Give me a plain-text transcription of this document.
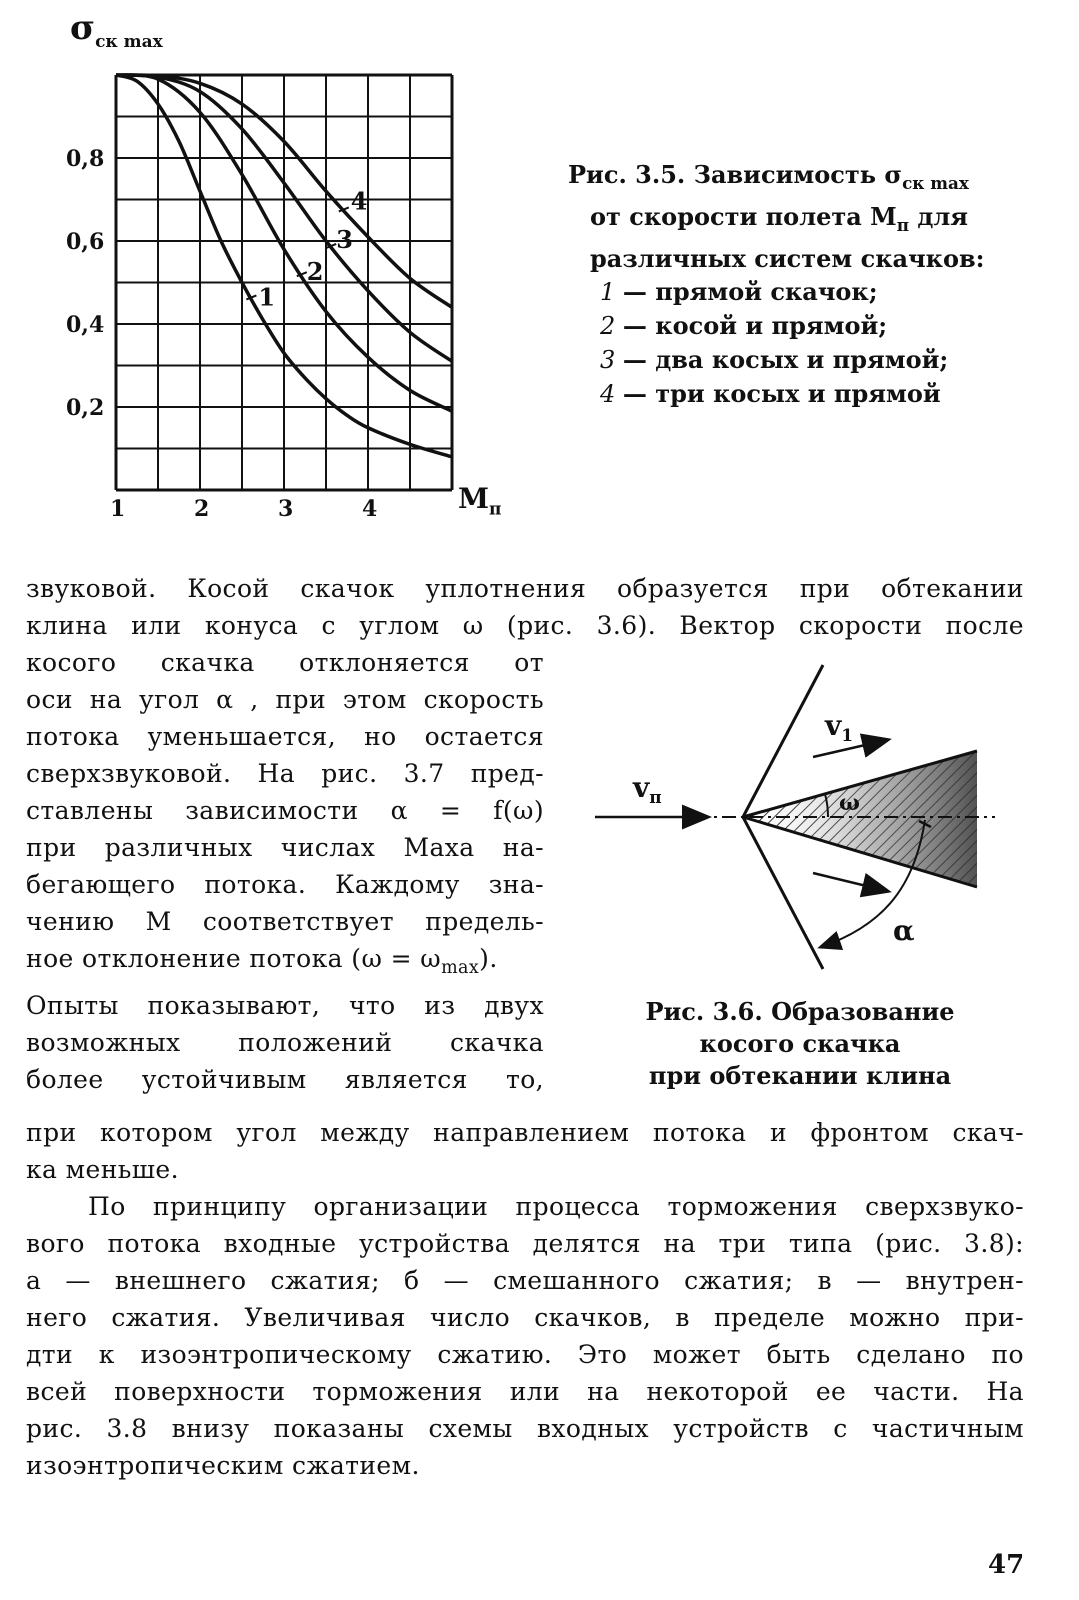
1
2
3
4
0,2
0,4
0,6
0,8
1	2	3	4
$\sigma_{ск max}$
$M_п$
Рис. 3.5. Зависимость $\sigma_{ск max}$
от скорости полета $M_п$ для
различных систем скачков:
1 — прямой скачок;
2 — косой и прямой;
3 — два косых и прямой;
4 — три косых и прямой
звуковой. Косой скачок уплотнения образуется при обтекании
клина или конуса с углом ω (рис. 3.6). Вектор скорости после
косого скачка отклоняется от
оси на угол α , при этом скорость
потока уменьшается, но остается
сверхзвуковой. На рис. 3.7 пред-
ставлены зависимости α = f(ω)
при различных числах Маха на-
бегающего потока. Каждому зна-
чению М соответствует предель-
ное отклонение потока $(\omega = \omega_{max})$.
Опыты показывают, что из двух
возможных положений скачка
более устойчивым является то,
при котором угол между направлением потока и фронтом скач-
ка меньше.
По принципу организации процесса торможения сверхзвуко-
вого потока входные устройства делятся на три типа (рис. 3.8):
а — внешнего сжатия; б — смешанного сжатия; в — внутрен-
него сжатия. Увеличивая число скачков, в пределе можно при-
дти к изоэнтропическому сжатию. Это может быть сделано по
всей поверхности торможения или на некоторой ее части. На
рис. 3.8 внизу показаны схемы входных устройств с частичным
изоэнтропическим сжатием.
$v_п$
$v_1$
ω
α
Рис. 3.6. Образование
косого скачка
при обтекании клина
47
